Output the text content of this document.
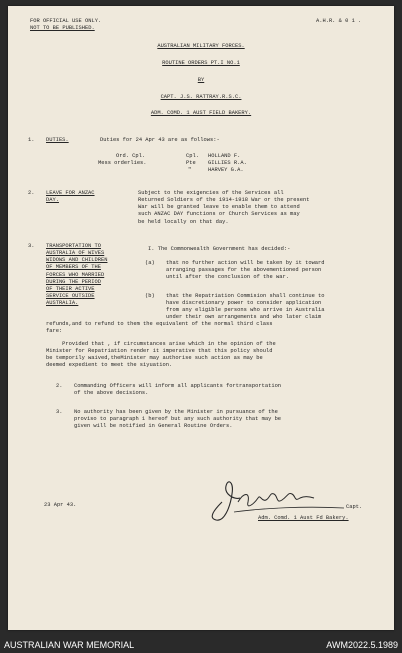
FOR OFFICIAL USE ONLY.
NOT TO BE PUBLISHED.
A.H.R. & 0 1 .
AUSTRALIAN MILITARY FORCES.
ROUTINE ORDERS PT.I NO.1
BY
CAPT. J.S. RATTRAY.R.S.C.
ADM. COMD. 1 AUST FIELD BAKERY.
1. DUTIES.	Duties for 24 Apr 43 are as follows:-
Ord. Cpl.	Cpl. HOLLAND F.
Mess orderlies.	Pte GILLIES R.A.
"	HARVEY G.A.
2. LEAVE FOR ANZAC
DAY.
Subject to the exigencies of the Services all
Returned Soldiers of the 1914-1918 War or the present
War will be granted leave to enable them to attend
such ANZAC DAY functions or Church Services as may
be held locally on that day.
3. TRANSPORTATION TO
AUSTRALIA OF WIVES
WIDOWS AND CHILDREN
OF MEMBERS OF THE
FORCES WHO MARRIED
DURING THE PERIOD
OF THEIR ACTIVE
SERVICE OUTSIDE
AUSTRALIA.
I. The Commonwealth Government has decided:-
(a) that no further action will be taken by it toward
arranging passages for the abovementioned person
until after the conclusion of the war.
(b) that the Repatriation Commision shall continue to
have discretionary power to consider application
from any eligible persons who arrive in Australia
under their own arrangements and who later claim
refunds,and to refund to them the equivalent of the normal third class
fare:
Provided that , if circumstances arise which in the opinion of the
Minister for Repatriation render it imperative that this policy should
be temporily waived,theMinister may authorise such action as may be
deemed expedient to meet the siyuation.
2. Commanding Officers will inform all applicants fortransportation
of the above decisions.
3. No authority has been given by the Minister in pursuance of the
proviso to paragraph 1 hereof but any such authority that may be
given will be notified in General Routine Orders.
23 Apr 43.	Capt.
Adm. Comd. 1 Aust Fd Bakery.
AUSTRALIAN WAR MEMORIAL	AWM2022.5.1989
